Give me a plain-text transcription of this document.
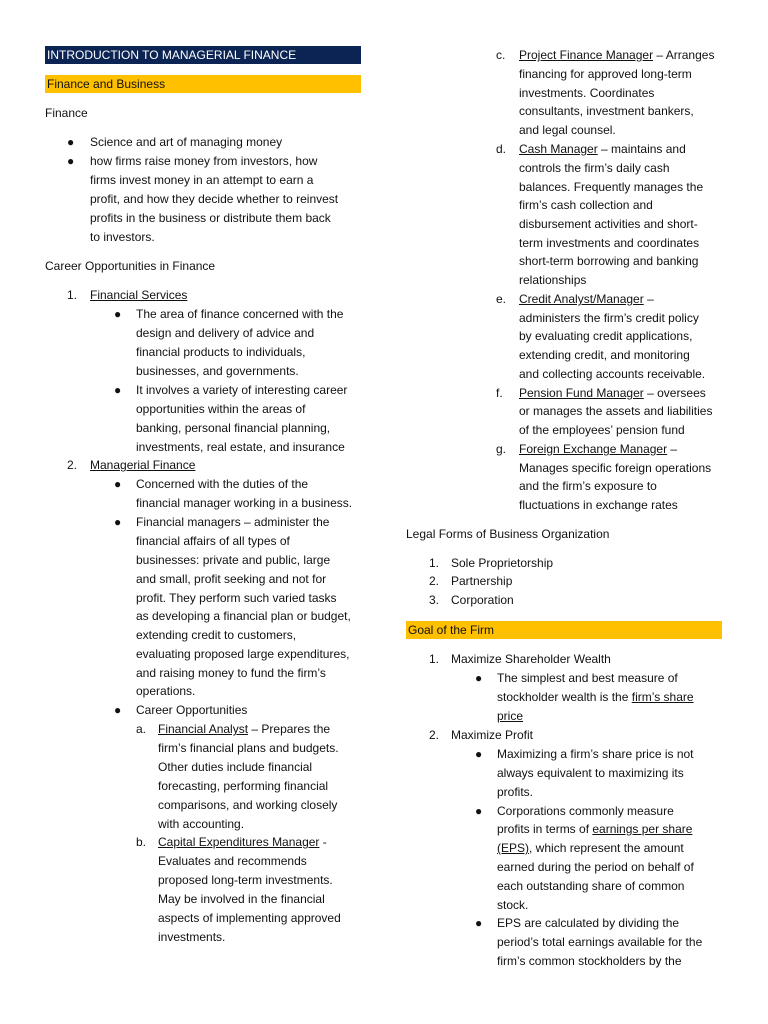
INTRODUCTION TO MANAGERIAL FINANCE
Finance and Business
Finance
● Science and art of managing money
● how firms raise money from investors, how
firms invest money in an attempt to earn a
profit, and how they decide whether to reinvest
profits in the business or distribute them back
to investors.
Career Opportunities in Finance
1. Financial Services
● The area of finance concerned with the
design and delivery of advice and
financial products to individuals,
businesses, and governments.
● It involves a variety of interesting career
opportunities within the areas of
banking, personal financial planning,
investments, real estate, and insurance
2. Managerial Finance
● Concerned with the duties of the
financial manager working in a business.
● Financial managers – administer the
financial affairs of all types of
businesses: private and public, large
and small, profit seeking and not for
profit. They perform such varied tasks
as developing a financial plan or budget,
extending credit to customers,
evaluating proposed large expenditures,
and raising money to fund the firm’s
operations.
● Career Opportunities
a. Financial Analyst – Prepares the
firm’s financial plans and budgets.
Other duties include financial
forecasting, performing financial
comparisons, and working closely
with accounting.
b. Capital Expenditures Manager -
Evaluates and recommends
proposed long-term investments.
May be involved in the financial
aspects of implementing approved
investments.
c. Project Finance Manager – Arranges
financing for approved long-term
investments. Coordinates
consultants, investment bankers,
and legal counsel.
d. Cash Manager – maintains and
controls the firm’s daily cash
balances. Frequently manages the
firm’s cash collection and
disbursement activities and short-
term investments and coordinates
short-term borrowing and banking
relationships
e. Credit Analyst/Manager –
administers the firm’s credit policy
by evaluating credit applications,
extending credit, and monitoring
and collecting accounts receivable.
f. Pension Fund Manager – oversees
or manages the assets and liabilities
of the employees’ pension fund
g. Foreign Exchange Manager –
Manages specific foreign operations
and the firm’s exposure to
fluctuations in exchange rates
Legal Forms of Business Organization
1. Sole Proprietorship
2. Partnership
3. Corporation
Goal of the Firm
1. Maximize Shareholder Wealth
● The simplest and best measure of
stockholder wealth is the firm’s share
price
2. Maximize Profit
● Maximizing a firm’s share price is not
always equivalent to maximizing its
profits.
● Corporations commonly measure
profits in terms of earnings per share
(EPS), which represent the amount
earned during the period on behalf of
each outstanding share of common
stock.
● EPS are calculated by dividing the
period’s total earnings available for the
firm’s common stockholders by the
